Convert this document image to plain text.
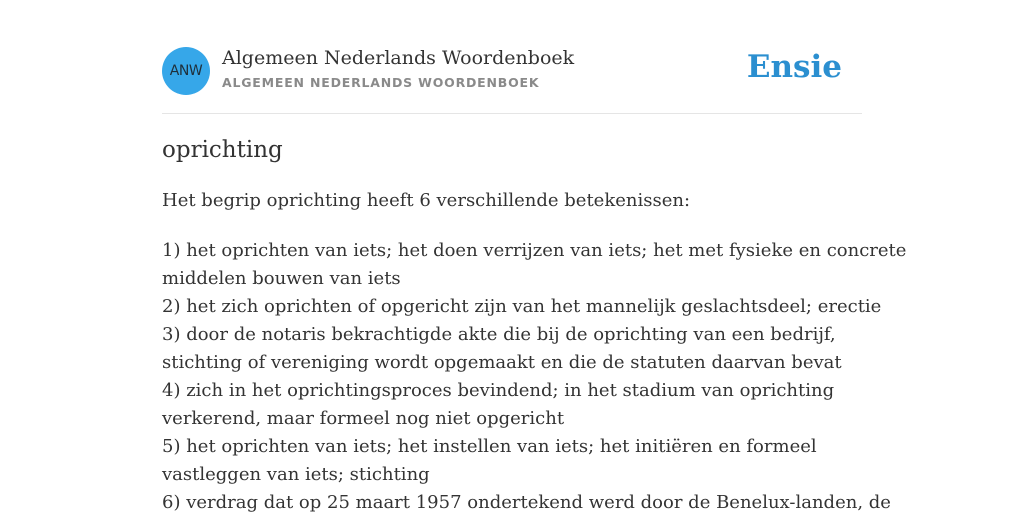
ANW
Algemeen Nederlands Woordenboek
ALGEMEEN NEDERLANDS WOORDENBOEK	Ensie
oprichting
Het begrip oprichting heeft 6 verschillende betekenissen:
1) het oprichten van iets; het doen verrijzen van iets; het met fysieke en concrete
middelen bouwen van iets
2) het zich oprichten of opgericht zijn van het mannelijk geslachtsdeel; erectie
3) door de notaris bekrachtigde akte die bij de oprichting van een bedrijf,
stichting of vereniging wordt opgemaakt en die de statuten daarvan bevat
4) zich in het oprichtingsproces bevindend; in het stadium van oprichting
verkerend, maar formeel nog niet opgericht
5) het oprichten van iets; het instellen van iets; het initiëren en formeel
vastleggen van iets; stichting
6) verdrag dat op 25 maart 1957 ondertekend werd door de Benelux-landen, de
